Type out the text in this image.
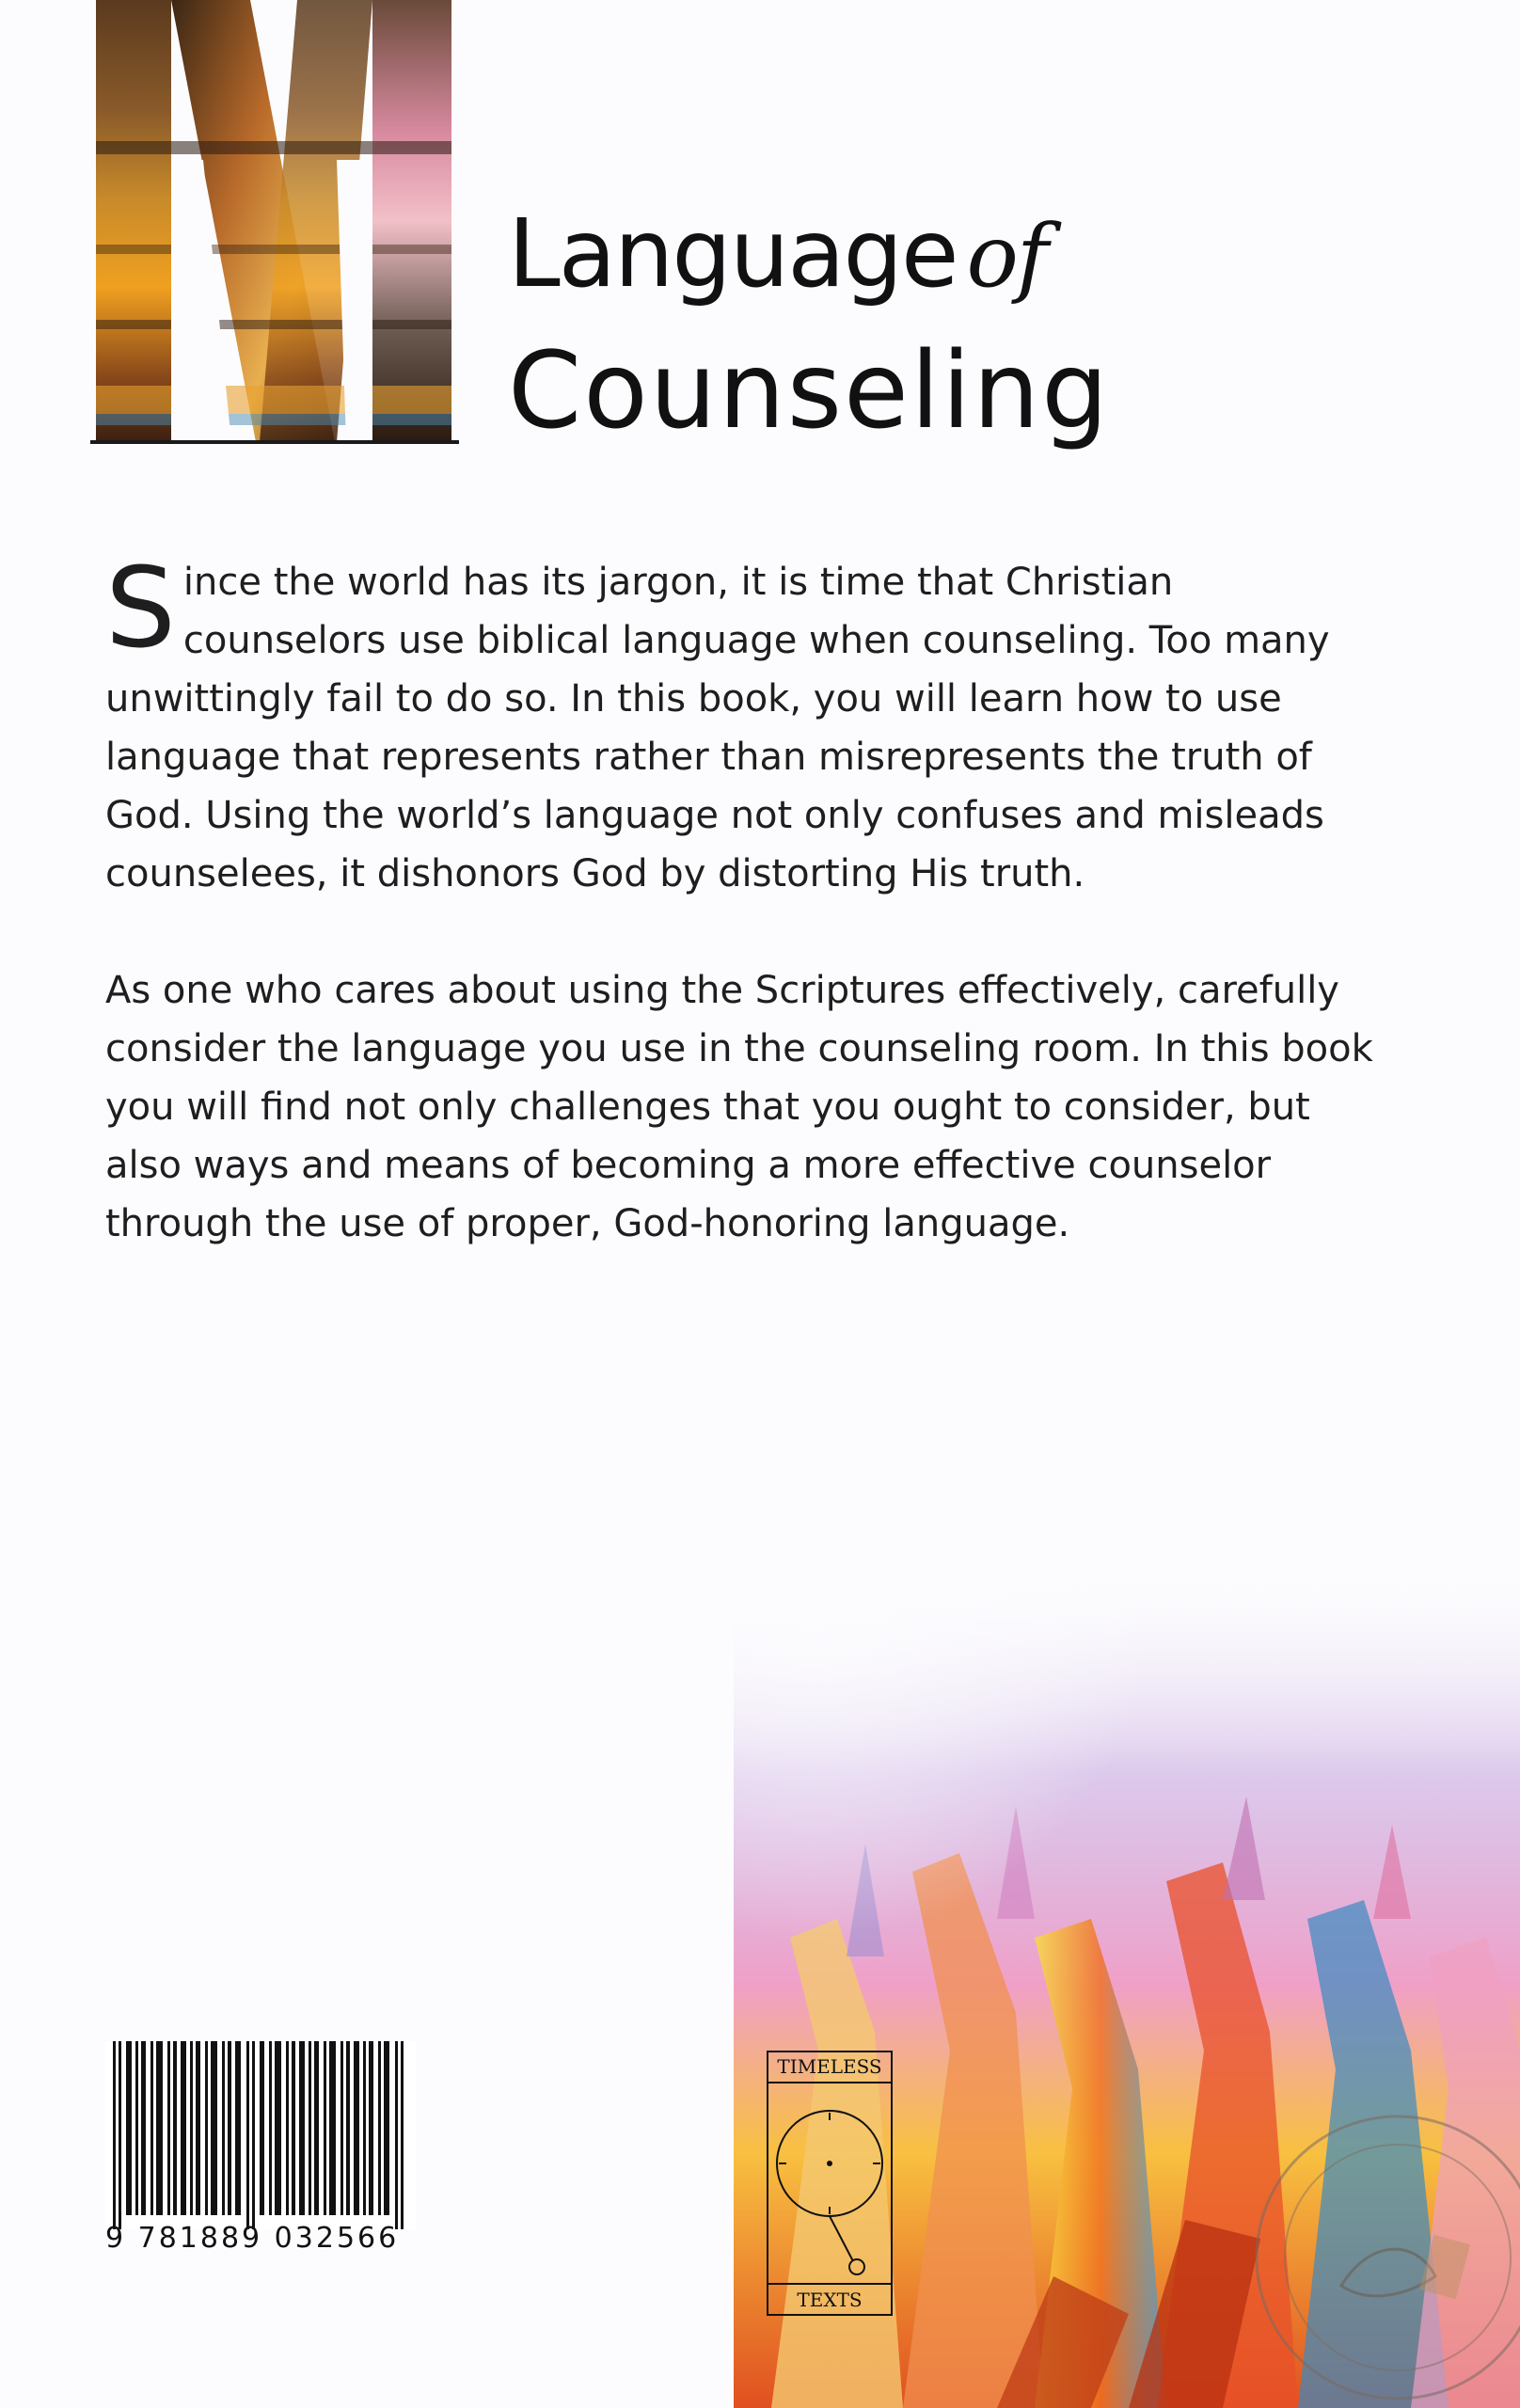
Language of
Counseling

Since the world has its jargon, it is time that Christian counselors use biblical language when counseling. Too many unwittingly fail to do so. In this book, you will learn how to use language that represents rather than misrepresents the truth of God. Using the world’s language not only confuses and misleads counselees, it dishonors God by distorting His truth.

As one who cares about using the Scriptures effectively, carefully consider the language you use in the counseling room. In this book you will find not only challenges that you ought to consider, but also ways and means of becoming a more effective counselor through the use of proper, God-honoring language.

9 781889 032566
TIMELESS
TEXTS
